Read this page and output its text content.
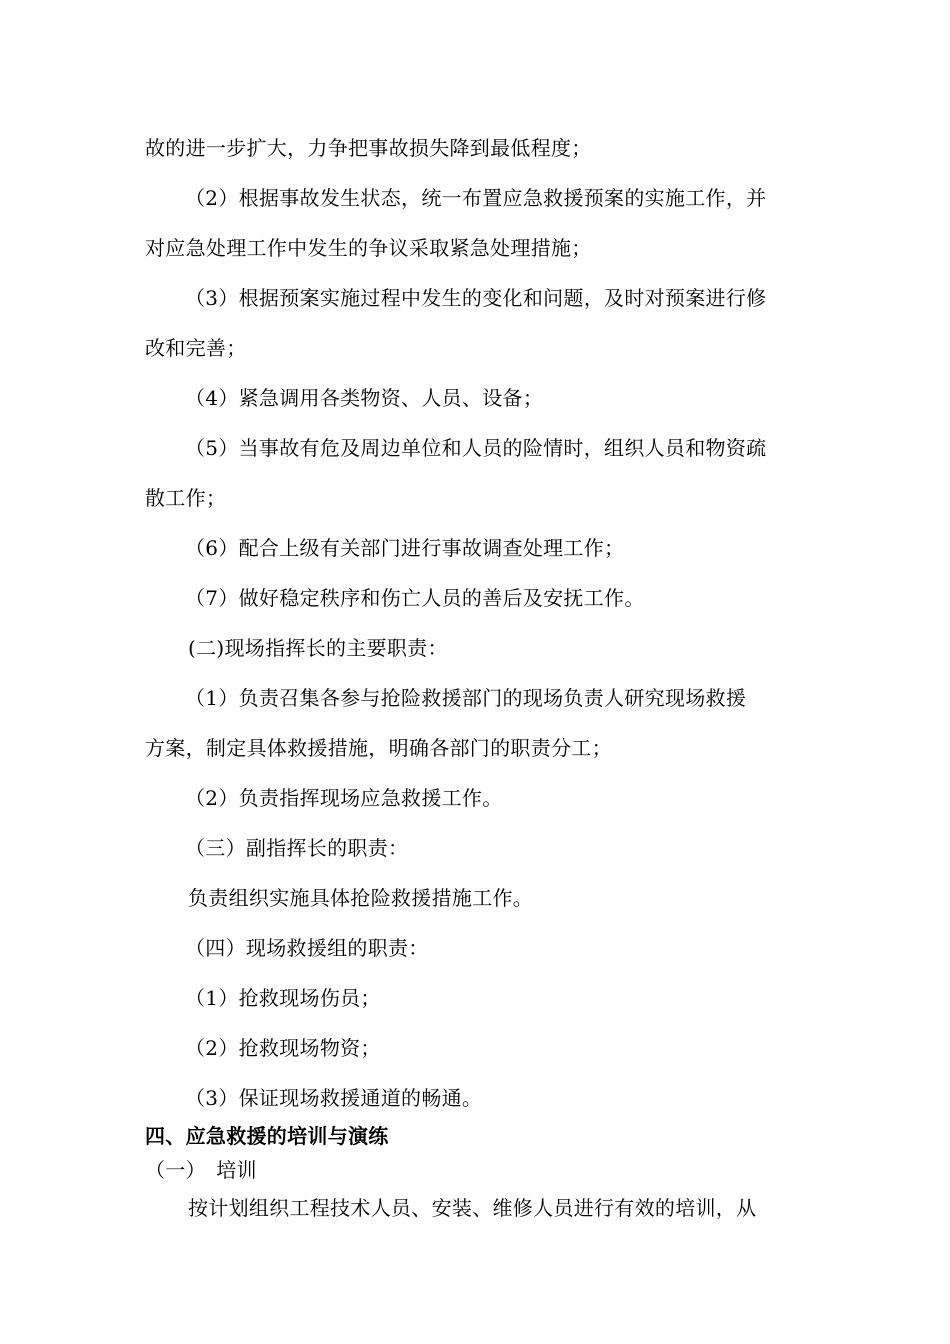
故的进一步扩大，力争把事故损失降到最低程度；
（2）根据事故发生状态，统一布置应急救援预案的实施工作，并
对应急处理工作中发生的争议采取紧急处理措施；
（3）根据预案实施过程中发生的变化和问题，及时对预案进行修
改和完善；
（4）紧急调用各类物资、人员、设备；
（5）当事故有危及周边单位和人员的险情时，组织人员和物资疏
散工作；
（6）配合上级有关部门进行事故调查处理工作；
（7）做好稳定秩序和伤亡人员的善后及安抚工作。
(二)现场指挥长的主要职责：
（1）负责召集各参与抢险救援部门的现场负责人研究现场救援
方案，制定具体救援措施，明确各部门的职责分工；
（2）负责指挥现场应急救援工作。
（三）副指挥长的职责：
负责组织实施具体抢险救援措施工作。
（四）现场救援组的职责：
（1）抢救现场伤员；
（2）抢救现场物资；
（3）保证现场救援通道的畅通。
四、应急救援的培训与演练
（一）　培训
按计划组织工程技术人员、安装、维修人员进行有效的培训，从
